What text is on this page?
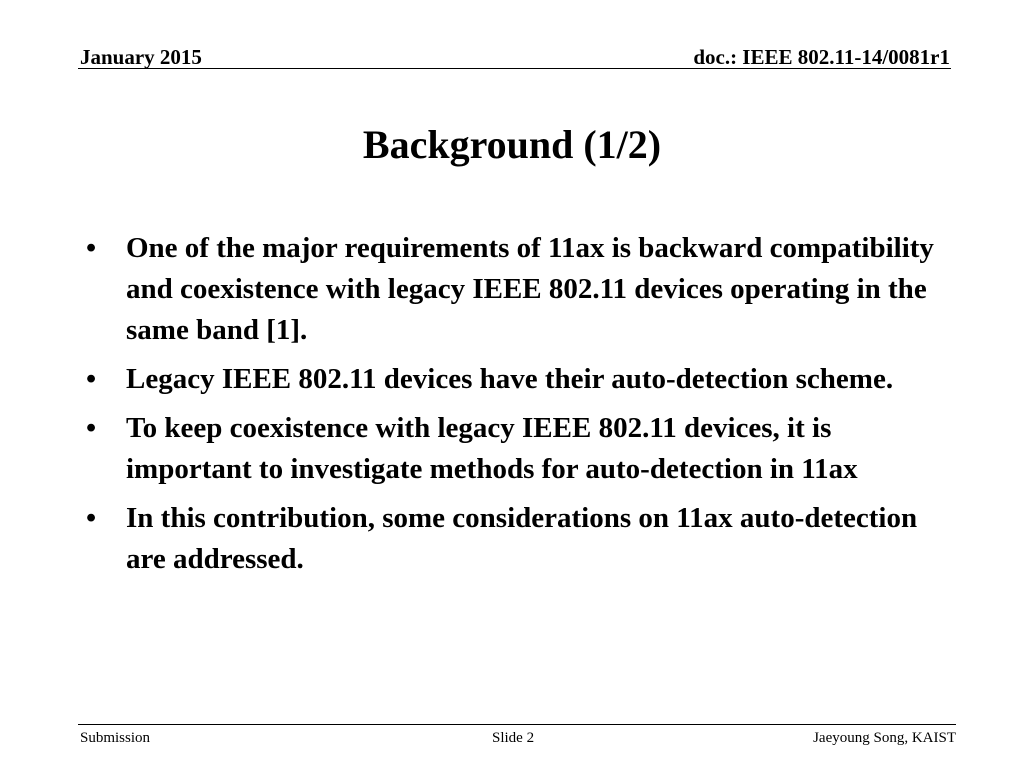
January 2015	doc.: IEEE 802.11-14/0081r1
Background (1/2)
•	One of the major requirements of 11ax is backward compatibility and coexistence with legacy IEEE 802.11 devices operating in the same band [1].
•	Legacy IEEE 802.11 devices have their auto-detection scheme.
•	To keep coexistence with legacy IEEE 802.11 devices, it is important to investigate methods for auto-detection in 11ax
•	In this contribution, some considerations on 11ax auto-detection are addressed.
Submission	Slide 2	Jaeyoung Song, KAIST
